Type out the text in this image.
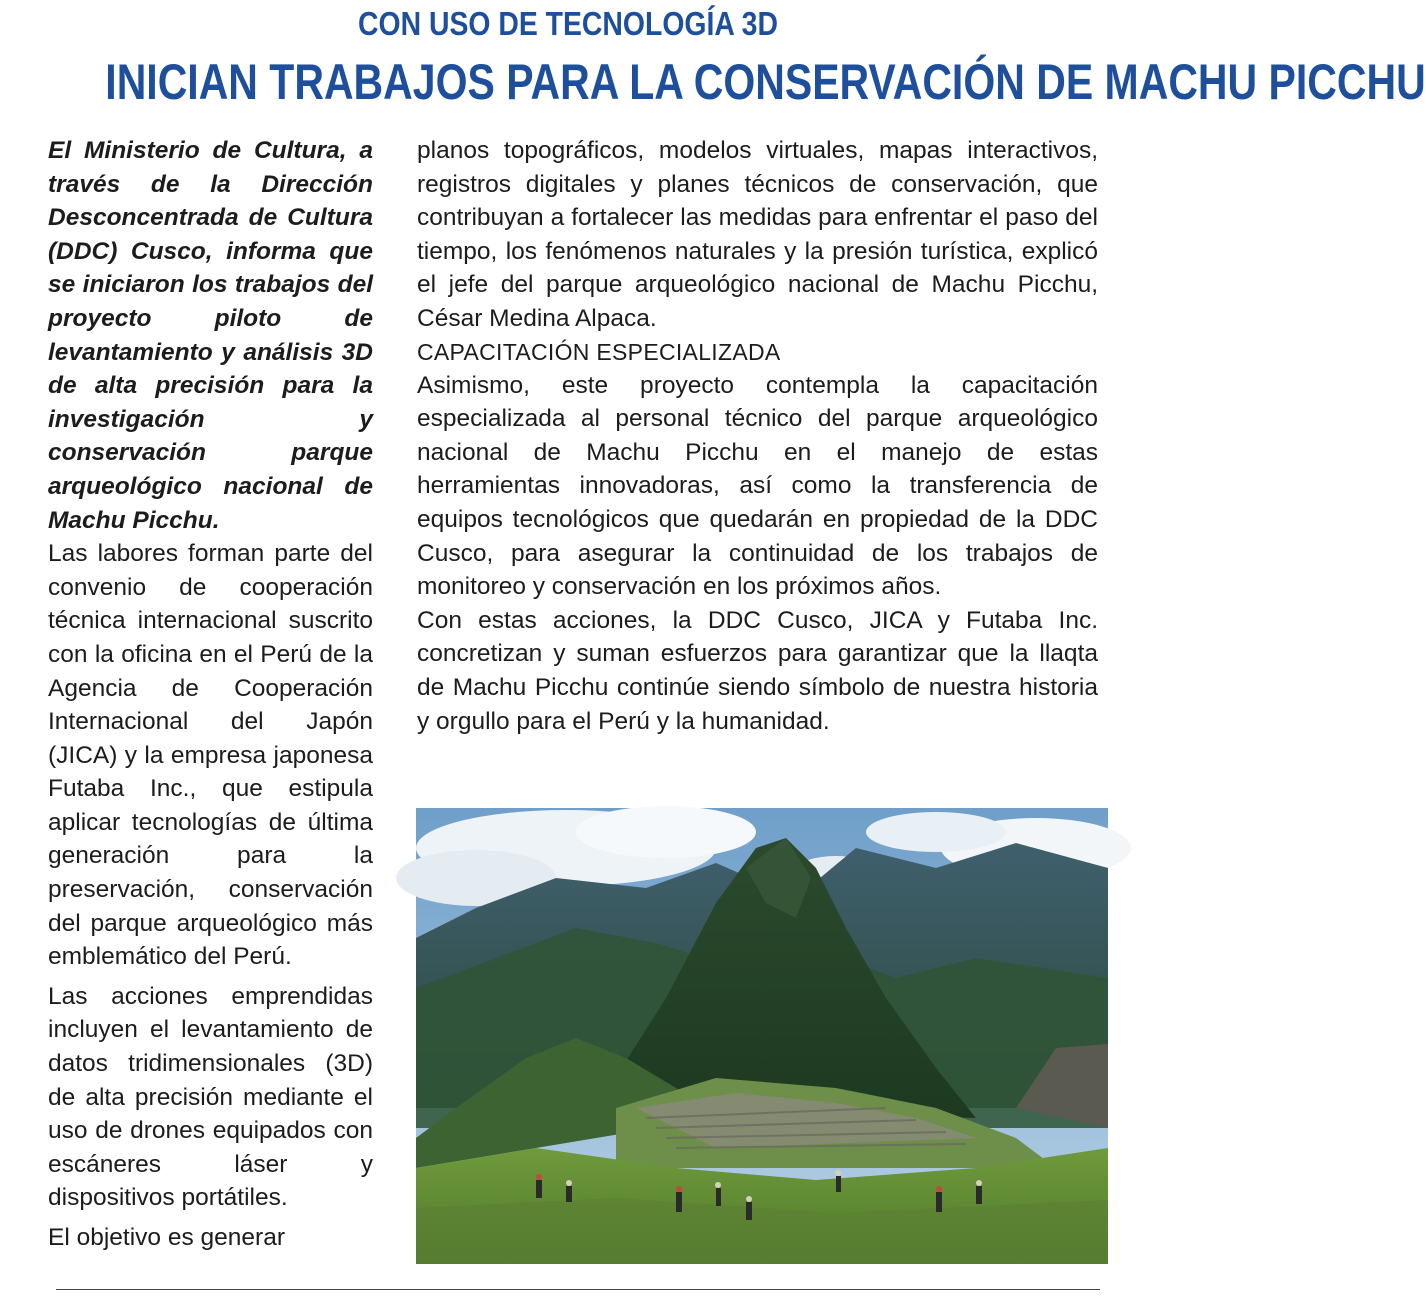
CON USO DE TECNOLOGÍA 3D
INICIAN TRABAJOS PARA LA CONSERVACIÓN DE MACHU PICCHU

El Ministerio de Cultura, a través de la Dirección Desconcentrada de Cultura (DDC) Cusco, informa que se iniciaron los trabajos del proyecto piloto de levantamiento y análisis 3D de alta precisión para la investigación y conservación parque arqueológico nacional de Machu Picchu.

Las labores forman parte del convenio de cooperación técnica internacional suscrito con la oficina en el Perú de la Agencia de Cooperación Internacional del Japón (JICA) y la empresa japonesa Futaba Inc., que estipula aplicar tecnologías de última generación para la preservación, conservación del parque arqueológico más emblemático del Perú.

Las acciones emprendidas incluyen el levantamiento de datos tridimensionales (3D) de alta precisión mediante el uso de drones equipados con escáneres láser y dispositivos portátiles.

El objetivo es generar

planos topográficos, modelos virtuales, mapas interactivos, registros digitales y planes técnicos de conservación, que contribuyan a fortalecer las medidas para enfrentar el paso del tiempo, los fenómenos naturales y la presión turística, explicó el jefe del parque arqueológico nacional de Machu Picchu, César Medina Alpaca.

CAPACITACIÓN ESPECIALIZADA

Asimismo, este proyecto contempla la capacitación especializada al personal técnico del parque arqueológico nacional de Machu Picchu en el manejo de estas herramientas innovadoras, así como la transferencia de equipos tecnológicos que quedarán en propiedad de la DDC Cusco, para asegurar la continuidad de los trabajos de monitoreo y conservación en los próximos años.

Con estas acciones, la DDC Cusco, JICA y Futaba Inc. concretizan y suman esfuerzos para garantizar que la llaqta de Machu Picchu continúe siendo símbolo de nuestra historia y orgullo para el Perú y la humanidad.
